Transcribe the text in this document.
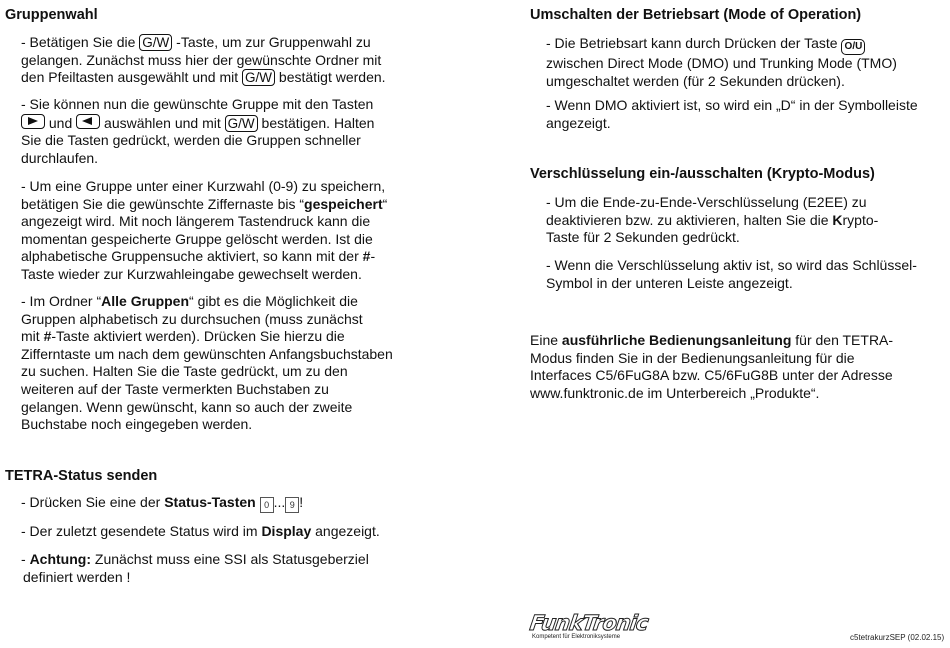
Gruppenwahl
- Betätigen Sie die G/W -Taste, um zur Gruppenwahl zu
gelangen. Zunächst muss hier der gewünschte Ordner mit
den Pfeiltasten ausgewählt und mit G/W bestätigt werden.
- Sie können nun die gewünschte Gruppe mit den Tasten
und  auswählen und mit G/W bestätigen. Halten
Sie die Tasten gedrückt, werden die Gruppen schneller
durchlaufen.
- Um eine Gruppe unter einer Kurzwahl (0-9) zu speichern,
betätigen Sie die gewünschte Ziffernaste bis “gespeichert“
angezeigt wird. Mit noch längerem Tastendruck kann die
momentan gespeicherte Gruppe gelöscht werden. Ist die
alphabetische Gruppensuche aktiviert, so kann mit der #-
Taste wieder zur Kurzwahleingabe gewechselt werden.
- Im Ordner “Alle Gruppen“ gibt es die Möglichkeit die
Gruppen alphabetisch zu durchsuchen (muss zunächst
mit #-Taste aktiviert werden). Drücken Sie hierzu die
Zifferntaste um nach dem gewünschten Anfangsbuchstaben
zu suchen. Halten Sie die Taste gedrückt, um zu den
weiteren auf der Taste vermerkten Buchstaben zu
gelangen. Wenn gewünscht, kann so auch der zweite
Buchstabe noch eingegeben werden.
TETRA-Status senden
- Drücken Sie eine der Status-Tasten 0 ... 9 !
- Der zuletzt gesendete Status wird im Display angezeigt.
- Achtung: Zunächst muss eine SSI als Statusgeberziel
definiert werden !
Umschalten der Betriebsart (Mode of Operation)
- Die Betriebsart kann durch Drücken der Taste O/U
zwischen Direct Mode (DMO) und Trunking Mode (TMO)
umgeschaltet werden (für 2 Sekunden drücken).
- Wenn DMO aktiviert ist, so wird ein „D“ in der Symbolleiste
angezeigt.
Verschlüsselung ein-/ausschalten (Krypto-Modus)
- Um die Ende-zu-Ende-Verschlüsselung (E2EE) zu
deaktivieren bzw. zu aktivieren, halten Sie die Krypto-
Taste für 2 Sekunden gedrückt.
- Wenn die Verschlüsselung aktiv ist, so wird das Schlüssel-
Symbol in der unteren Leiste angezeigt.
Eine ausführliche Bedienungsanleitung für den TETRA-
Modus finden Sie in der Bedienungsanleitung für die
Interfaces C5/6FuG8A bzw. C5/6FuG8B unter der Adresse
www.funktronic.de im Unterbereich „Produkte“.
FunkTronic
Kompetent für Elektroniksysteme	c5tetrakurzSEP (02.02.15)
